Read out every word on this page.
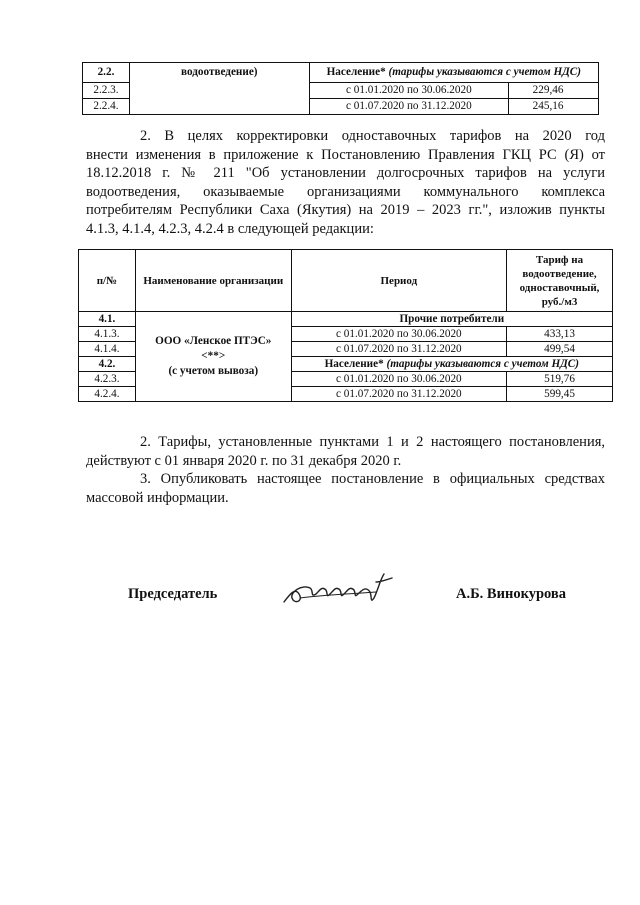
2.2.	водоотведение)	Население* (тарифы указываются с учетом НДС)	
2.2.3.		с 01.01.2020 по 30.06.2020	229,46
2.2.4.		с 01.07.2020 по 31.12.2020	245,16
2. В целях корректировки одноставочных тарифов на 2020 год
внести изменения в приложение к Постановлению Правления ГКЦ РС (Я) от
18.12.2018 г. № 211 "Об установлении долгосрочных тарифов на услуги
водоотведения, оказываемые организациями коммунального комплекса
потребителям Республики Саха (Якутия) на 2019 – 2023 гг.", изложив пункты
4.1.3, 4.1.4, 4.2.3, 4.2.4 в следующей редакции:
п/№	Наименование организации	Период	Тариф на водоотведение, одноставочный, руб./м3
4.1.	ООО «Ленское ПТЭС»
<**>
(с учетом вывоза)	Прочие потребители	
4.1.3.		с 01.01.2020 по 30.06.2020	433,13
4.1.4.		с 01.07.2020 по 31.12.2020	499,54
4.2.		Население* (тарифы указываются с учетом НДС)	
4.2.3.		с 01.01.2020 по 30.06.2020	519,76
4.2.4.		с 01.07.2020 по 31.12.2020	599,45
2. Тарифы, установленные пунктами 1 и 2 настоящего постановления,
действуют с 01 января 2020 г. по 31 декабря 2020 г.
3. Опубликовать настоящее постановление в официальных средствах
массовой информации.
Председатель	А.Б. Винокурова
